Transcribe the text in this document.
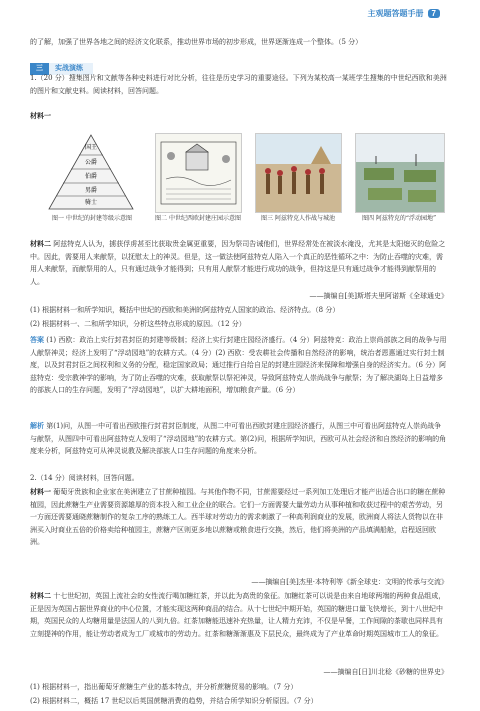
主观题答题手册 7
的了解，加强了世界各地之间的经济文化联系，推动世界市场的初步形成，世界逐渐连成一个整体。（5 分）
三 实战演练
1.（20 分）搜集图片和文献等各种史料进行对比分析，往往是历史学习的重要途径。下列为某校高一某班学生搜集的中世纪西欧和美洲的图片和文献史料。阅读材料，回答问题。
材料一
国王
公爵
伯爵
男爵
骑士
图一 中世纪的封建等级示意图	图二 中世纪西欧封建庄园示意图	图三 阿兹特克人作战与城池	图四 阿兹特克的“浮动园地”
材料二 阿兹特克人认为，掳获俘虏甚至比获取贵金属更重要，因为祭司告诫他们，世界经常处在被淡水淹没，尤其是太阳熄灭的危险之中。因此，需要用人来献祭，以抚慰太上的神灵。但是，这一做法使阿兹特克人陷入一个真正的恶性循环之中：为防止吞噬的灾难，需用人来献祭，而献祭用的人，只有通过战争才能得到；只有用人献祭才能进行成功的战争，但持这是只有通过战争才能得到献祭用的人。
——摘编自[美]斯塔夫里阿诺斯《全球通史》
(1) 根据材料一和所学知识，概括中世纪的西欧和美洲的阿兹特克人国家的政治、经济特点。（8 分）
(2) 根据材料一、二和所学知识，分析这些特点形成的原因。（12 分）
答案 (1) 西欧：政治上实行封君封臣的封建等级制；经济上实行封建庄园经济盛行。（4 分）阿兹特克：政治上崇尚部族之间的战争与用人献祭神灵；经济上发明了“浮动园地”的农耕方式。（4 分）(2) 西欧：受农耕社会传播和自然经济的影响，统治者恩惠通过实行封土制度，以及封君封臣之间权利和义务的分配，稳定国家政局；通过推行自给自足的封建庄园经济来保障和增强自身的经济实力。（6 分）阿兹特克：受宗教神学的影响，为了防止吞噬的灾难，获取献祭以祭祀神灵，导致阿兹特克人崇尚战争与献祭；为了解决湖岛上日益增多的部族人口的生存问题，发明了“浮动园地”，以扩大耕地面积，增加粮食产量。（6 分）
解析 第(1)问，从图一中可看出西欧推行封君封臣制度，从图二中可看出西欧封建庄园经济盛行，从图三中可看出阿兹特克人崇尚战争与献祭，从图四中可看出阿兹特克人发明了“浮动园地”的农耕方式。第(2)问，根据所学知识，西欧可从社会经济和自然经济的影响的角度来分析，阿兹特克可从神灵说教及解决部族人口生存问题的角度来分析。
2.（14 分）阅读材料，回答问题。
材料一 葡萄牙贵族和企业家在美洲建立了甘蔗种植园。与其他作物不同，甘蔗需要经过一系列加工处理后才能产出适合出口的糖在蔗种植园，因此蔗糖生产业需要资源雄厚的资本投入和工业企业的联合。它们一方面需要大量劳动力从事种植和收获过程中的艰苦劳动，另一方面还需要通晓蔗糖制作的复杂工序的熟练工人。西半球对劳动力的需求刺激了一种高利润商业的发展，欧洲商人将法人货物以在非洲买入时商业五倍的价格卖给种植园主，蔗糖产区则更多地以蔗糖或粮食进行交换，然后，他们将美洲的产品填满船舱，启程返回欧洲。
——摘编自[美]杰里·本特利等《新全球史：文明的传承与交流》
材料二 十七世纪初，英国上流社会的女性流行喝加糖红茶，并以此为高贵的象征。加糖红茶可以说是由来自地球两端的两种食品组成，正是因为英国占据世界商业的中心位置，才能实现这两种商品的结合。从十七世纪中期开始，英国的糖进口量飞快增长，到十八世纪中期，英国民众的人均糖用量是法国人的八到九倍。红茶加糖能迅速补充热量，让人精力充沛，不仅是早餐，工作间隙的茶歇也同样具有立刻提神的作用，能让劳动者成为工厂或城市的劳动力。红茶和糖渐渐惠及下层民众，最终成为了产业革命时期英国城市工人的象征。
——摘编自[日]川北稔《砂糖的世界史》
(1) 根据材料一，指出葡萄牙蔗糖生产业的基本特点，并分析蔗糖贸易的影响。（7 分）
(2) 根据材料二，概括 17 世纪以后英国蔗糖消费的趋势，并结合所学知识分析原因。（7 分）
